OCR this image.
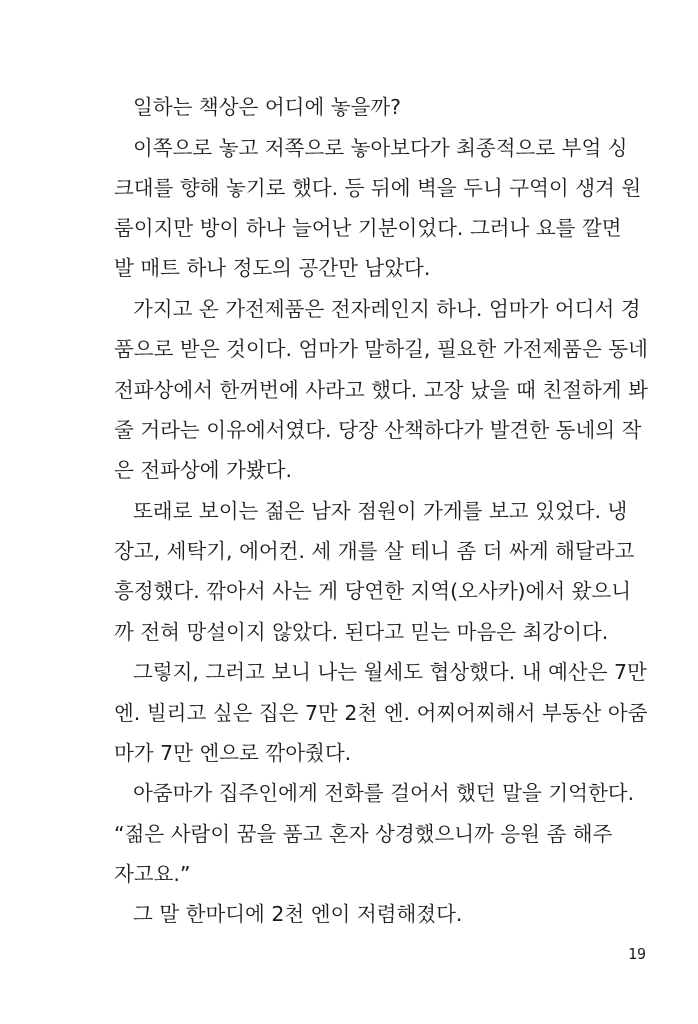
일하는 책상은 어디에 놓을까?
이쪽으로 놓고 저쪽으로 놓아보다가 최종적으로 부엌 싱
크대를 향해 놓기로 했다. 등 뒤에 벽을 두니 구역이 생겨 원
룸이지만 방이 하나 늘어난 기분이었다. 그러나 요를 깔면
발 매트 하나 정도의 공간만 남았다.
가지고 온 가전제품은 전자레인지 하나. 엄마가 어디서 경
품으로 받은 것이다. 엄마가 말하길, 필요한 가전제품은 동네
전파상에서 한꺼번에 사라고 했다. 고장 났을 때 친절하게 봐
줄 거라는 이유에서였다. 당장 산책하다가 발견한 동네의 작
은 전파상에 가봤다.
또래로 보이는 젊은 남자 점원이 가게를 보고 있었다. 냉
장고, 세탁기, 에어컨. 세 개를 살 테니 좀 더 싸게 해달라고
흥정했다. 깎아서 사는 게 당연한 지역(오사카)에서 왔으니
까 전혀 망설이지 않았다. 된다고 믿는 마음은 최강이다.
그렇지, 그러고 보니 나는 월세도 협상했다. 내 예산은 7만
엔. 빌리고 싶은 집은 7만 2천 엔. 어찌어찌해서 부동산 아줌
마가 7만 엔으로 깎아줬다.
아줌마가 집주인에게 전화를 걸어서 했던 말을 기억한다.
“젊은 사람이 꿈을 품고 혼자 상경했으니까 응원 좀 해주
자고요.”
그 말 한마디에 2천 엔이 저렴해졌다.
19
